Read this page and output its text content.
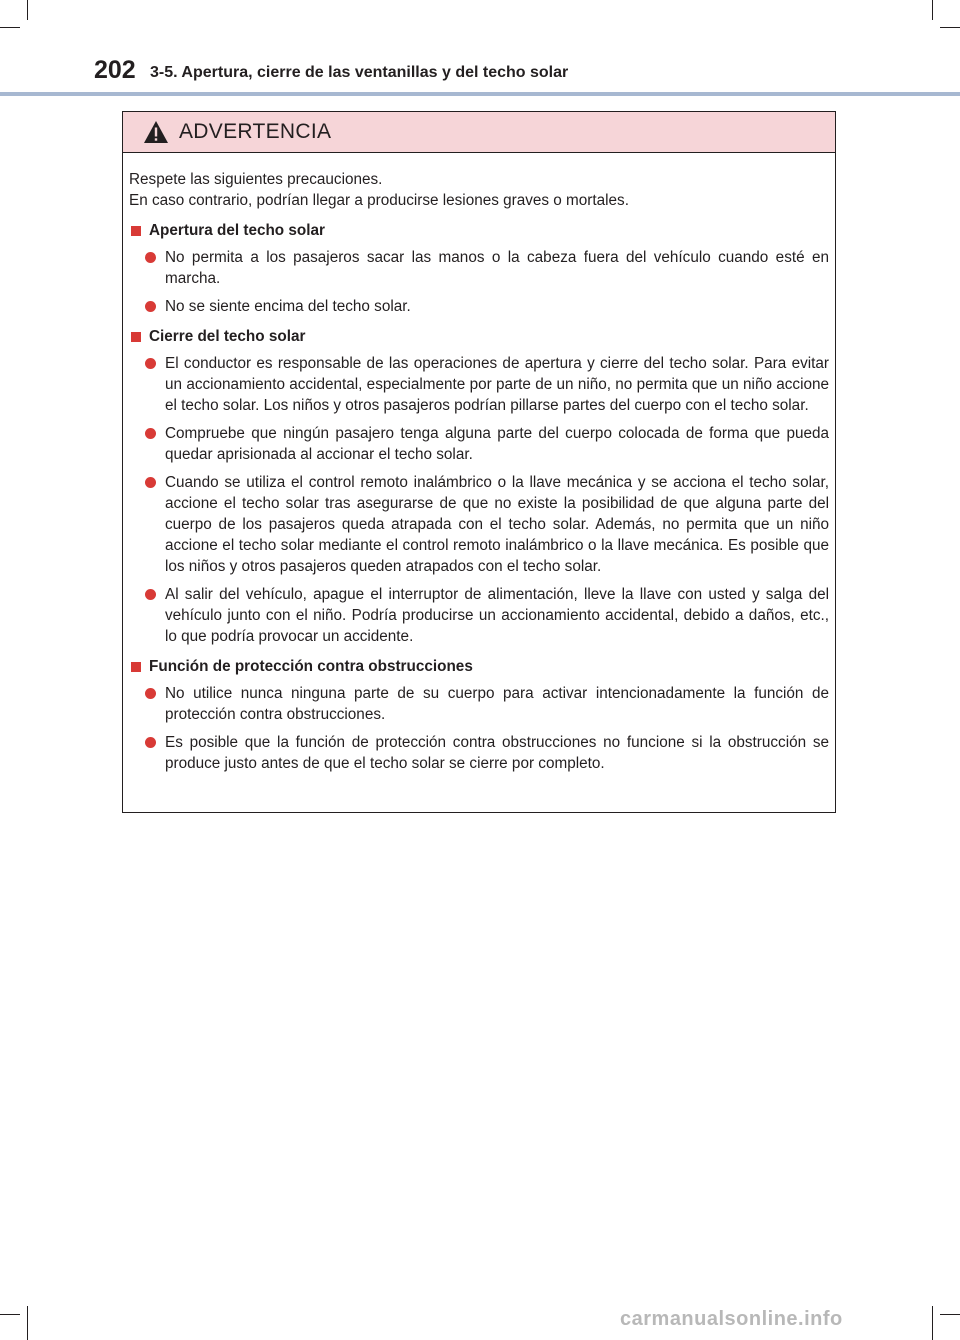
202 3-5. Apertura, cierre de las ventanillas y del techo solar
ADVERTENCIA

Respete las siguientes precauciones.

En caso contrario, podrían llegar a producirse lesiones graves o mortales.

Apertura del techo solar
No permita a los pasajeros sacar las manos o la cabeza fuera del vehículo cuando esté en marcha.
No se siente encima del techo solar.
Cierre del techo solar
El conductor es responsable de las operaciones de apertura y cierre del techo solar. Para evitar un accionamiento accidental, especialmente por parte de un niño, no permita que un niño accione el techo solar. Los niños y otros pasajeros podrían pillarse partes del cuerpo con el techo solar.
Compruebe que ningún pasajero tenga alguna parte del cuerpo colocada de forma que pueda quedar aprisionada al accionar el techo solar.
Cuando se utiliza el control remoto inalámbrico o la llave mecánica y se acciona el techo solar, accione el techo solar tras asegurarse de que no existe la posibilidad de que alguna parte del cuerpo de los pasajeros queda atrapada con el techo solar. Además, no permita que un niño accione el techo solar mediante el control remoto inalámbrico o la llave mecánica. Es posible que los niños y otros pasajeros queden atrapados con el techo solar.
Al salir del vehículo, apague el interruptor de alimentación, lleve la llave con usted y salga del vehículo junto con el niño. Podría producirse un accionamiento accidental, debido a daños, etc., lo que podría provocar un accidente.
Función de protección contra obstrucciones
No utilice nunca ninguna parte de su cuerpo para activar intencionadamente la función de protección contra obstrucciones.
Es posible que la función de protección contra obstrucciones no funcione si la obstrucción se produce justo antes de que el techo solar se cierre por completo.
carmanualsonline.info
